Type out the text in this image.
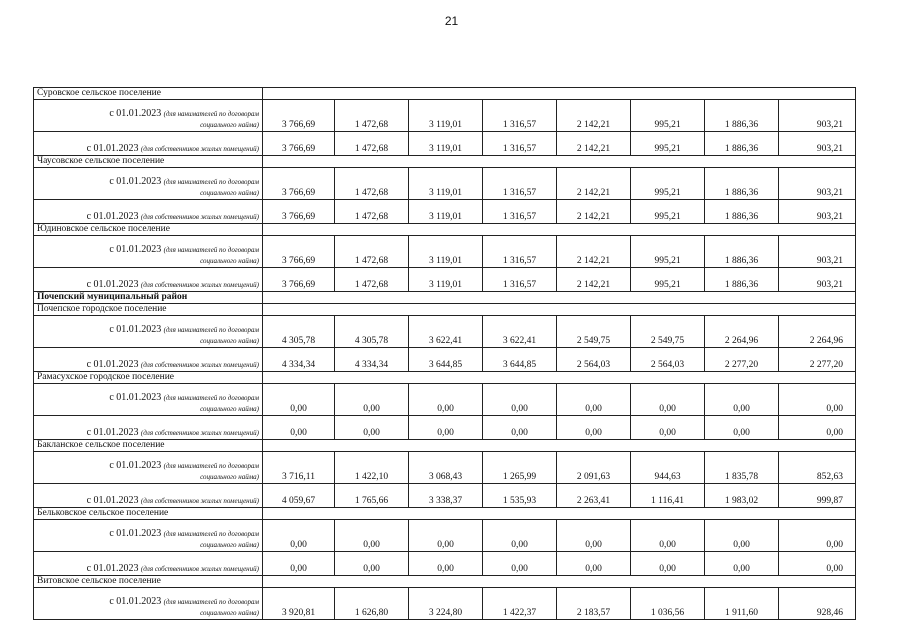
21
Суровское сельское поселение								
с 01.01.2023 (для нанимателей по договорам
социального найма)	3 766,69	1 472,68	3 119,01	1 316,57	2 142,21	995,21	1 886,36	903,21
с 01.01.2023 (для собственников жилых помещений)	3 766,69	1 472,68	3 119,01	1 316,57	2 142,21	995,21	1 886,36	903,21
Чаусовское сельское поселение								
с 01.01.2023 (для нанимателей по договорам
социального найма)	3 766,69	1 472,68	3 119,01	1 316,57	2 142,21	995,21	1 886,36	903,21
с 01.01.2023 (для собственников жилых помещений)	3 766,69	1 472,68	3 119,01	1 316,57	2 142,21	995,21	1 886,36	903,21
Юдиновское сельское поселение								
с 01.01.2023 (для нанимателей по договорам
социального найма)	3 766,69	1 472,68	3 119,01	1 316,57	2 142,21	995,21	1 886,36	903,21
с 01.01.2023 (для собственников жилых помещений)	3 766,69	1 472,68	3 119,01	1 316,57	2 142,21	995,21	1 886,36	903,21
Почепский муниципальный район								
Почепское городское поселение								
с 01.01.2023 (для нанимателей по договорам
социального найма)	4 305,78	4 305,78	3 622,41	3 622,41	2 549,75	2 549,75	2 264,96	2 264,96
с 01.01.2023 (для собственников жилых помещений)	4 334,34	4 334,34	3 644,85	3 644,85	2 564,03	2 564,03	2 277,20	2 277,20
Рамасухское городское поселение								
с 01.01.2023 (для нанимателей по договорам
социального найма)	0,00	0,00	0,00	0,00	0,00	0,00	0,00	0,00
с 01.01.2023 (для собственников жилых помещений)	0,00	0,00	0,00	0,00	0,00	0,00	0,00	0,00
Бакланское сельское поселение								
с 01.01.2023 (для нанимателей по договорам
социального найма)	3 716,11	1 422,10	3 068,43	1 265,99	2 091,63	944,63	1 835,78	852,63
с 01.01.2023 (для собственников жилых помещений)	4 059,67	1 765,66	3 338,37	1 535,93	2 263,41	1 116,41	1 983,02	999,87
Бельковское сельское поселение								
с 01.01.2023 (для нанимателей по договорам
социального найма)	0,00	0,00	0,00	0,00	0,00	0,00	0,00	0,00
с 01.01.2023 (для собственников жилых помещений)	0,00	0,00	0,00	0,00	0,00	0,00	0,00	0,00
Витовское сельское поселение								
с 01.01.2023 (для нанимателей по договорам
социального найма)	3 920,81	1 626,80	3 224,80	1 422,37	2 183,57	1 036,56	1 911,60	928,46
